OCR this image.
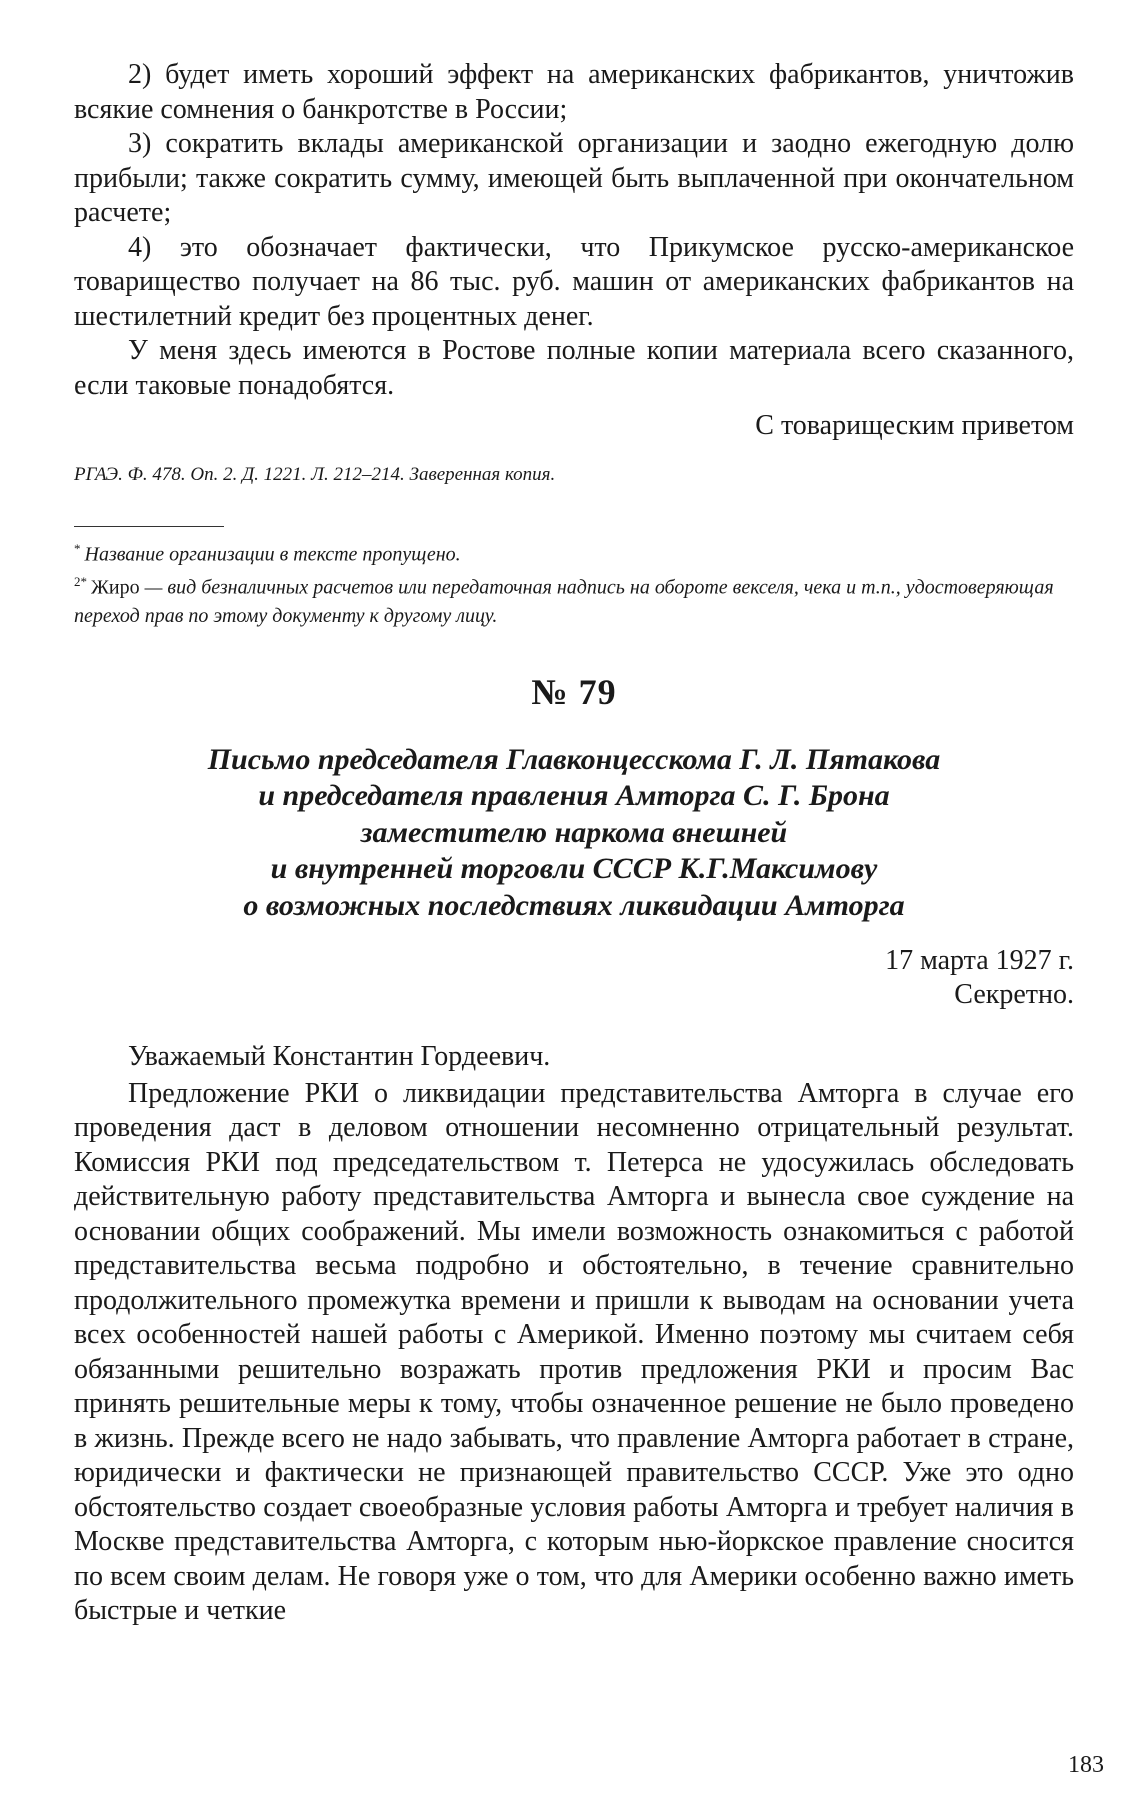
2) будет иметь хороший эффект на американских фабрикантов, уничтожив всякие сомнения о банкротстве в России;

3) сократить вклады американской организации и заодно ежегодную долю прибыли; также сократить сумму, имеющей быть выплаченной при окончательном расчете;

4) это обозначает фактически, что Прикумское русско-американское товарищество получает на 86 тыс. руб. машин от американских фабрикантов на шестилетний кредит без процентных денег.

У меня здесь имеются в Ростове полные копии материала всего сказанного, если таковые понадобятся.

С товарищеским приветом

РГАЭ. Ф. 478. Оп. 2. Д. 1221. Л. 212–214. Заверенная копия.

* Название организации в тексте пропущено.

$^{2*}$ Жиро — вид безналичных расчетов или передаточная надпись на обороте векселя, чека и т.п., удостоверяющая переход прав по этому документу к другому лицу.

№ 79
Письмо председателя Главконцесскома Г. Л. Пятакова
и председателя правления Амторга С. Г. Брона
заместителю наркома внешней
и внутренней торговли СССР К.Г.Максимову
о возможных последствиях ликвидации Амторга

17 марта 1927 г.

Секретно.

Уважаемый Константин Гордеевич.

Предложение РКИ о ликвидации представительства Амторга в случае его проведения даст в деловом отношении несомненно отрицательный результат. Комиссия РКИ под председательством т. Петерса не удосужилась обследовать действительную работу представительства Амторга и вынесла свое суждение на основании общих соображений. Мы имели возможность ознакомиться с работой представительства весьма подробно и обстоятельно, в течение сравнительно продолжительного промежутка времени и пришли к выводам на основании учета всех особенностей нашей работы с Америкой. Именно поэтому мы считаем себя обязанными решительно возражать против предложения РКИ и просим Вас принять решительные меры к тому, чтобы означенное решение не было проведено в жизнь. Прежде всего не надо забывать, что правление Амторга работает в стране, юридически и фактически не признающей правительство СССР. Уже это одно обстоятельство создает своеобразные условия работы Амторга и требует наличия в Москве представительства Амторга, с которым нью-йоркское правление сносится по всем своим делам. Не говоря уже о том, что для Америки особенно важно иметь быстрые и четкие

183
